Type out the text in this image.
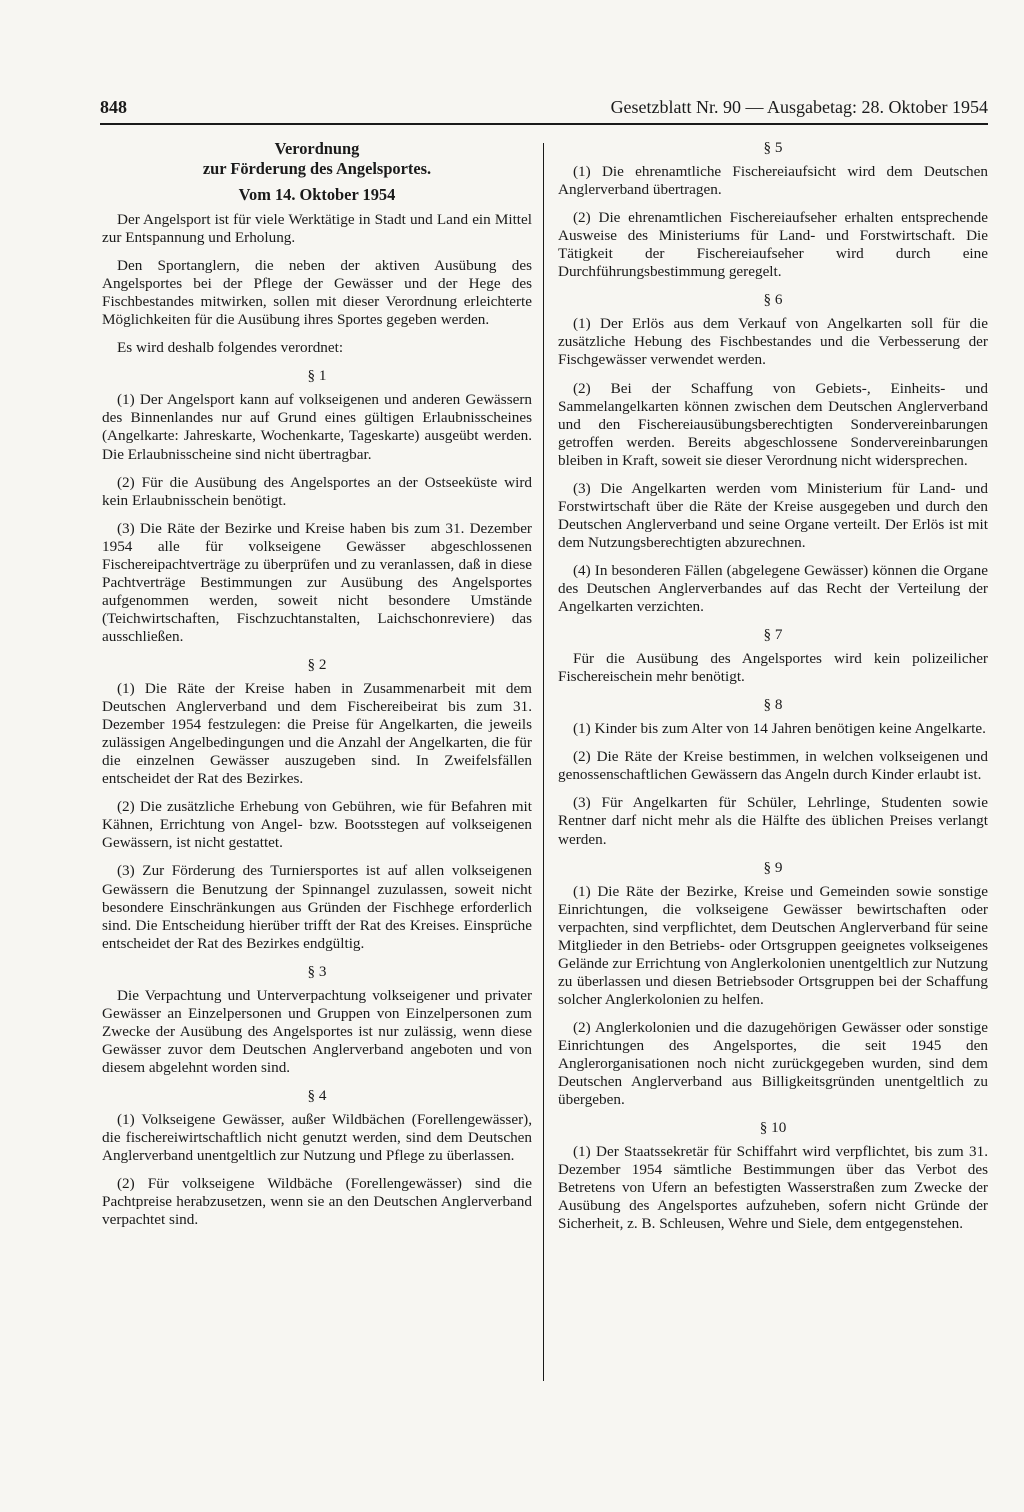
848	Gesetzblatt Nr. 90 — Ausgabetag: 28. Oktober 1954
Verordnung
zur Förderung des Angelsportes.
Vom 14. Oktober 1954

Der Angelsport ist für viele Werktätige in Stadt und Land ein Mittel zur Entspannung und Erholung.

Den Sportanglern, die neben der aktiven Ausübung des Angelsportes bei der Pflege der Gewässer und der Hege des Fischbestandes mitwirken, sollen mit dieser Verordnung erleichterte Möglichkeiten für die Ausübung ihres Sportes gegeben werden.

Es wird deshalb folgendes verordnet:

§ 1

(1) Der Angelsport kann auf volkseigenen und anderen Gewässern des Binnenlandes nur auf Grund eines gültigen Erlaubnisscheines (Angelkarte: Jahreskarte, Wochenkarte, Tageskarte) ausgeübt werden. Die Erlaubnisscheine sind nicht übertragbar.

(2) Für die Ausübung des Angelsportes an der Ostseeküste wird kein Erlaubnisschein benötigt.

(3) Die Räte der Bezirke und Kreise haben bis zum 31. Dezember 1954 alle für volkseigene Gewässer abgeschlossenen Fischereipachtverträge zu überprüfen und zu veranlassen, daß in diese Pachtverträge Bestimmungen zur Ausübung des Angelsportes aufgenommen werden, soweit nicht besondere Umstände (Teichwirtschaften, Fischzuchtanstalten, Laichschonreviere) das ausschließen.

§ 2

(1) Die Räte der Kreise haben in Zusammenarbeit mit dem Deutschen Anglerverband und dem Fischereibeirat bis zum 31. Dezember 1954 festzulegen: die Preise für Angelkarten, die jeweils zulässigen Angelbedingungen und die Anzahl der Angelkarten, die für die einzelnen Gewässer auszugeben sind. In Zweifelsfällen entscheidet der Rat des Bezirkes.

(2) Die zusätzliche Erhebung von Gebühren, wie für Befahren mit Kähnen, Errichtung von Angel- bzw. Bootsstegen auf volkseigenen Gewässern, ist nicht gestattet.

(3) Zur Förderung des Turniersportes ist auf allen volkseigenen Gewässern die Benutzung der Spinnangel zuzulassen, soweit nicht besondere Einschränkungen aus Gründen der Fischhege erforderlich sind. Die Entscheidung hierüber trifft der Rat des Kreises. Einsprüche entscheidet der Rat des Bezirkes endgültig.

§ 3

Die Verpachtung und Unterverpachtung volkseigener und privater Gewässer an Einzelpersonen und Gruppen von Einzelpersonen zum Zwecke der Ausübung des Angelsportes ist nur zulässig, wenn diese Gewässer zuvor dem Deutschen Anglerverband angeboten und von diesem abgelehnt worden sind.

§ 4

(1) Volkseigene Gewässer, außer Wildbächen (Forellengewässer), die fischereiwirtschaftlich nicht genutzt werden, sind dem Deutschen Anglerverband unentgeltlich zur Nutzung und Pflege zu überlassen.

(2) Für volkseigene Wildbäche (Forellengewässer) sind die Pachtpreise herabzusetzen, wenn sie an den Deutschen Anglerverband verpachtet sind.

§ 5

(1) Die ehrenamtliche Fischereiaufsicht wird dem Deutschen Anglerverband übertragen.

(2) Die ehrenamtlichen Fischereiaufseher erhalten entsprechende Ausweise des Ministeriums für Land- und Forstwirtschaft. Die Tätigkeit der Fischereiaufseher wird durch eine Durchführungsbestimmung geregelt.

§ 6

(1) Der Erlös aus dem Verkauf von Angelkarten soll für die zusätzliche Hebung des Fischbestandes und die Verbesserung der Fischgewässer verwendet werden.

(2) Bei der Schaffung von Gebiets-, Einheits- und Sammelangelkarten können zwischen dem Deutschen Anglerverband und den Fischereiausübungsberechtigten Sondervereinbarungen getroffen werden. Bereits abgeschlossene Sondervereinbarungen bleiben in Kraft, soweit sie dieser Verordnung nicht widersprechen.

(3) Die Angelkarten werden vom Ministerium für Land- und Forstwirtschaft über die Räte der Kreise ausgegeben und durch den Deutschen Anglerverband und seine Organe verteilt. Der Erlös ist mit dem Nutzungsberechtigten abzurechnen.

(4) In besonderen Fällen (abgelegene Gewässer) können die Organe des Deutschen Anglerverbandes auf das Recht der Verteilung der Angelkarten verzichten.

§ 7

Für die Ausübung des Angelsportes wird kein polizeilicher Fischereischein mehr benötigt.

§ 8

(1) Kinder bis zum Alter von 14 Jahren benötigen keine Angelkarte.

(2) Die Räte der Kreise bestimmen, in welchen volkseigenen und genossenschaftlichen Gewässern das Angeln durch Kinder erlaubt ist.

(3) Für Angelkarten für Schüler, Lehrlinge, Studenten sowie Rentner darf nicht mehr als die Hälfte des üblichen Preises verlangt werden.

§ 9

(1) Die Räte der Bezirke, Kreise und Gemeinden sowie sonstige Einrichtungen, die volkseigene Gewässer bewirtschaften oder verpachten, sind verpflichtet, dem Deutschen Anglerverband für seine Mitglieder in den Betriebs- oder Ortsgruppen geeignetes volkseigenes Gelände zur Errichtung von Anglerkolonien unentgeltlich zur Nutzung zu überlassen und diesen Betriebsoder Ortsgruppen bei der Schaffung solcher Anglerkolonien zu helfen.

(2) Anglerkolonien und die dazugehörigen Gewässer oder sonstige Einrichtungen des Angelsportes, die seit 1945 den Anglerorganisationen noch nicht zurückgegeben wurden, sind dem Deutschen Anglerverband aus Billigkeitsgründen unentgeltlich zu übergeben.

§ 10

(1) Der Staatssekretär für Schiffahrt wird verpflichtet, bis zum 31. Dezember 1954 sämtliche Bestimmungen über das Verbot des Betretens von Ufern an befestigten Wasserstraßen zum Zwecke der Ausübung des Angelsportes aufzuheben, sofern nicht Gründe der Sicherheit, z. B. Schleusen, Wehre und Siele, dem entgegenstehen.
